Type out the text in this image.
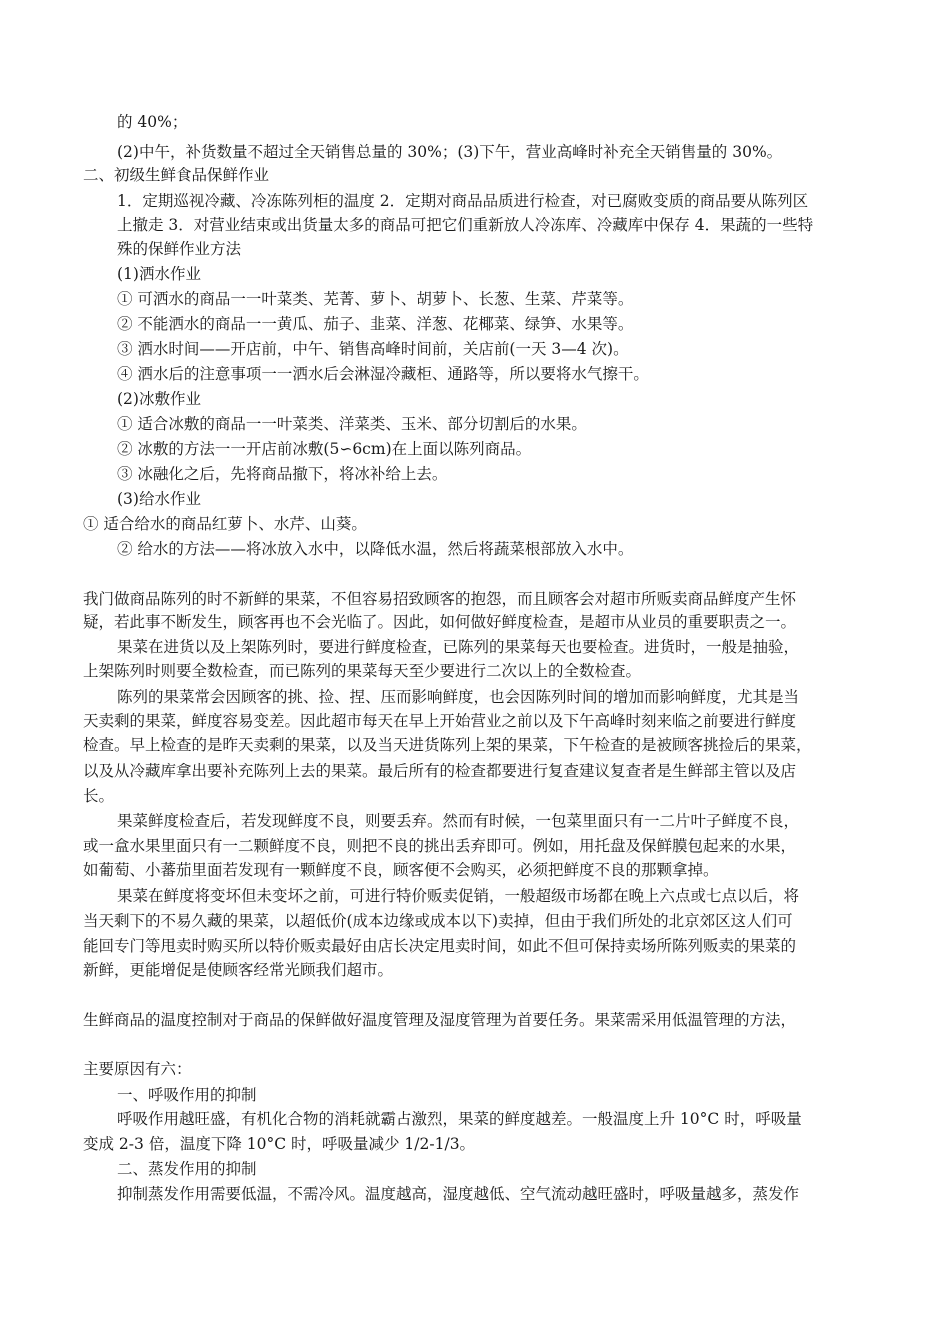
的 40%；
(2)中午，补货数量不超过全天销售总量的 30%；(3)下午，营业高峰时补充全天销售量的 30%。
二、初级生鲜食品保鲜作业
1．定期巡视冷藏、冷冻陈列柜的温度 2．定期对商品品质进行检查，对已腐败变质的商品要从陈列区
上撤走 3．对营业结束或出货量太多的商品可把它们重新放人冷冻库、冷藏库中保存 4．果蔬的一些特
殊的保鲜作业方法
(1)洒水作业
① 可洒水的商品一一叶菜类、芜菁、萝卜、胡萝卜、长葱、生菜、芹菜等。
② 不能洒水的商品一一黄瓜、茄子、韭菜、洋葱、花椰菜、绿笋、水果等。
③ 洒水时间——开店前，中午、销售高峰时间前，关店前(一天 3—4 次)。
④ 洒水后的注意事项一一洒水后会淋湿冷藏柜、通路等，所以要将水气擦干。
(2)冰敷作业
① 适合冰敷的商品一一叶菜类、洋菜类、玉米、部分切割后的水果。
② 冰敷的方法一一开店前冰敷(5∽6cm)在上面以陈列商品。
③ 冰融化之后，先将商品撤下，将冰补给上去。
(3)给水作业
① 适合给水的商品红萝卜、水芹、山葵。
② 给水的方法——将冰放入水中，以降低水温，然后将蔬菜根部放入水中。
我门做商品陈列的时不新鲜的果菜，不但容易招致顾客的抱怨，而且顾客会对超市所贩卖商品鲜度产生怀
疑，若此事不断发生，顾客再也不会光临了。因此，如何做好鲜度检查，是超市从业员的重要职责之一。
果菜在进货以及上架陈列时，要进行鲜度检查，已陈列的果菜每天也要检查。进货时，一般是抽验，
上架陈列时则要全数检查，而已陈列的果菜每天至少要进行二次以上的全数检查。
陈列的果菜常会因顾客的挑、捡、捏、压而影响鲜度，也会因陈列时间的增加而影响鲜度，尤其是当
天卖剩的果菜，鲜度容易变差。因此超市每天在早上开始营业之前以及下午高峰时刻来临之前要进行鲜度
检查。早上检查的是昨天卖剩的果菜，以及当天进货陈列上架的果菜，下午检查的是被顾客挑捡后的果菜，
以及从冷藏库拿出要补充陈列上去的果菜。最后所有的检查都要进行复查建议复查者是生鲜部主管以及店
长。
果菜鲜度检查后，若发现鲜度不良，则要丢弃。然而有时候，一包菜里面只有一二片叶子鲜度不良，
或一盒水果里面只有一二颗鲜度不良，则把不良的挑出丢弃即可。例如，用托盘及保鲜膜包起来的水果，
如葡萄、小蕃茄里面若发现有一颗鲜度不良，顾客便不会购买，必须把鲜度不良的那颗拿掉。
果菜在鲜度将变坏但未变坏之前，可进行特价贩卖促销，一般超级市场都在晚上六点或七点以后，将
当天剩下的不易久藏的果菜，以超低价(成本边缘或成本以下)卖掉，但由于我们所处的北京郊区这人们可
能回专门等甩卖时购买所以特价贩卖最好由店长决定甩卖时间，如此不但可保持卖场所陈列贩卖的果菜的
新鲜，更能增促是使顾客经常光顾我们超市。
生鲜商品的温度控制对于商品的保鲜做好温度管理及湿度管理为首要任务。果菜需采用低温管理的方法，
主要原因有六：
一、呼吸作用的抑制
呼吸作用越旺盛，有机化合物的消耗就霸占激烈，果菜的鲜度越差。一般温度上升 10°C 时，呼吸量
变成 2-3 倍，温度下降 10°C 时，呼吸量减少 1/2-1/3。
二、蒸发作用的抑制
抑制蒸发作用需要低温，不需冷风。温度越高，湿度越低、空气流动越旺盛时，呼吸量越多，蒸发作
